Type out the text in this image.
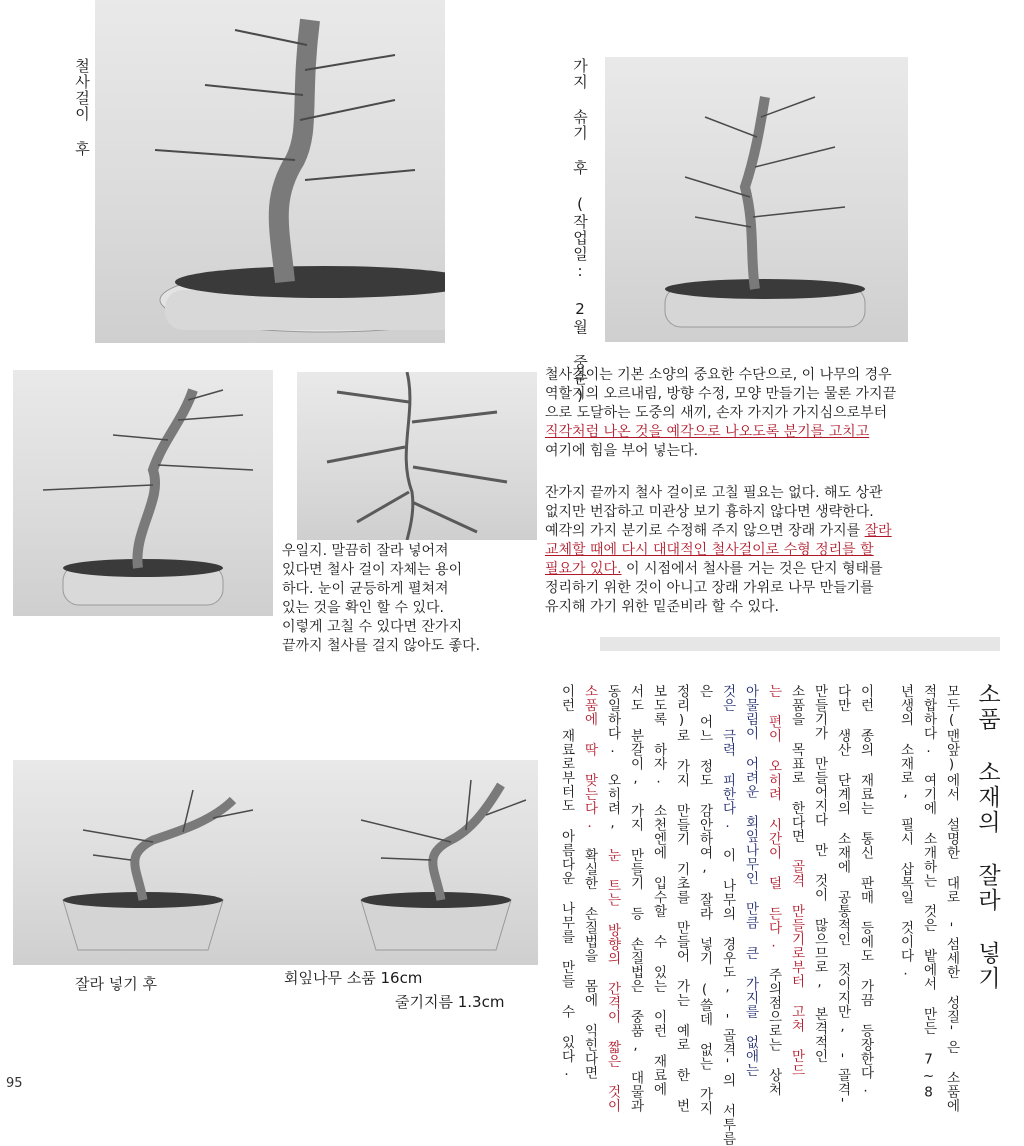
철사걸이 후	가지 솎기 후 (작업일: 2월 중순)
철사걸이는 기본 소양의 중요한 수단으로, 이 나무의 경우
역할지의 오르내림, 방향 수정, 모양 만들기는 물론 가지끝
으로 도달하는 도중의 새끼, 손자 가지가 가지심으로부터
직각처럼 나온 것을 예각으로 나오도록 분기를 고치고
여기에 힘을 부어 넣는다.
잔가지 끝까지 철사 걸이로 고칠 필요는 없다. 해도 상관
없지만 번잡하고 미관상 보기 흉하지 않다면 생략한다.
예각의 가지 분기로 수정해 주지 않으면 장래 가지를 잘라
교체할 때에 다시 대대적인 철사걸이로 수형 정리를 할
필요가 있다. 이 시점에서 철사를 거는 것은 단지 형태를
정리하기 위한 것이 아니고 장래 가위로 나무 만들기를
유지해 가기 위한 밑준비라 할 수 있다.
우일지. 말끔히 잘라 넣어져
있다면 철사 걸이 자체는 용이
하다. 눈이 균등하게 펼쳐져
있는 것을 확인 할 수 있다.
이렇게 고칠 수 있다면 잔가지
끝까지 철사를 걸지 않아도 좋다.
잘라 넣기 후	회잎나무 소품 16cm
줄기지름 1.3cm
소품 소재의 잘라 넣기
모두(맨앞)에서 설명한 대로 '섬세한 성질'은 소품에
적합하다. 여기에 소개하는 것은 밭에서 만든 7~8
년생의 소재로, 필시 삽목일 것이다.
이런 종의 재료는 통신 판매 등에도 가끔 등장한다.
다만 생산 단계의 소재에 공통적인 것이지만, '골격'
만들기가 만들어지다 만 것이 많으므로, 본격적인
소품을 목표로 한다면 골격 만들기로부터 고쳐 만드
는 편이 오히려 시간이 덜 든다. 주의점으로는 상처
아물림이 어려운 회잎나무인 만큼 큰 가지를 없애는
것은 극력 피한다. 이 나무의 경우도, '골격'의 서투름
은 어느 정도 감안하여, 잘라 넣기 (쓸데 없는 가지
정리)로 가지 만들기 기초를 만들어 가는 예로 한 번
보도록 하자. 소천엔에 입수할 수 있는 이런 재료에
서도 분갈이, 가지 만들기 등 손질법은 중품, 대물과
동일하다. 오히려, 눈 트는 방향의 간격이 짧은 것이
소품에 딱 맞는다. 확실한 손질법을 몸에 익힌다면
이런 재료로부터도 아름다운 나무를 만들 수 있다.
95
